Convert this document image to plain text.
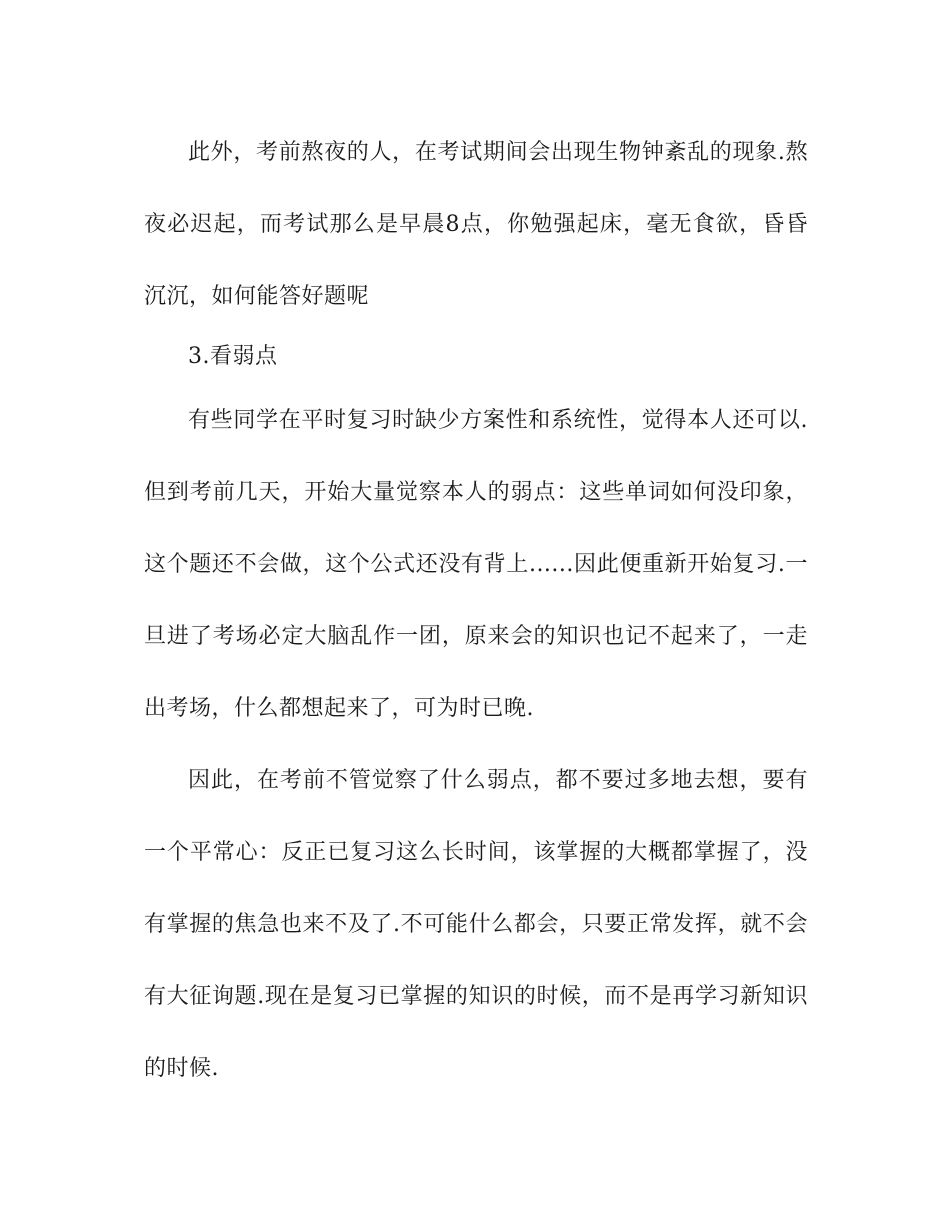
此外，考前熬夜的人，在考试期间会出现生物钟紊乱的现象.熬夜必迟起，而考试那么是早晨8点，你勉强起床，毫无食欲，昏昏沉沉，如何能答好题呢

3.看弱点

有些同学在平时复习时缺少方案性和系统性，觉得本人还可以.但到考前几天，开始大量觉察本人的弱点：这些单词如何没印象，这个题还不会做，这个公式还没有背上......因此便重新开始复习.一旦进了考场必定大脑乱作一团，原来会的知识也记不起来了，一走出考场，什么都想起来了，可为时已晚.

因此，在考前不管觉察了什么弱点，都不要过多地去想，要有一个平常心：反正已复习这么长时间，该掌握的大概都掌握了，没有掌握的焦急也来不及了.不可能什么都会，只要正常发挥，就不会有大征询题.现在是复习已掌握的知识的时候，而不是再学习新知识的时候.
